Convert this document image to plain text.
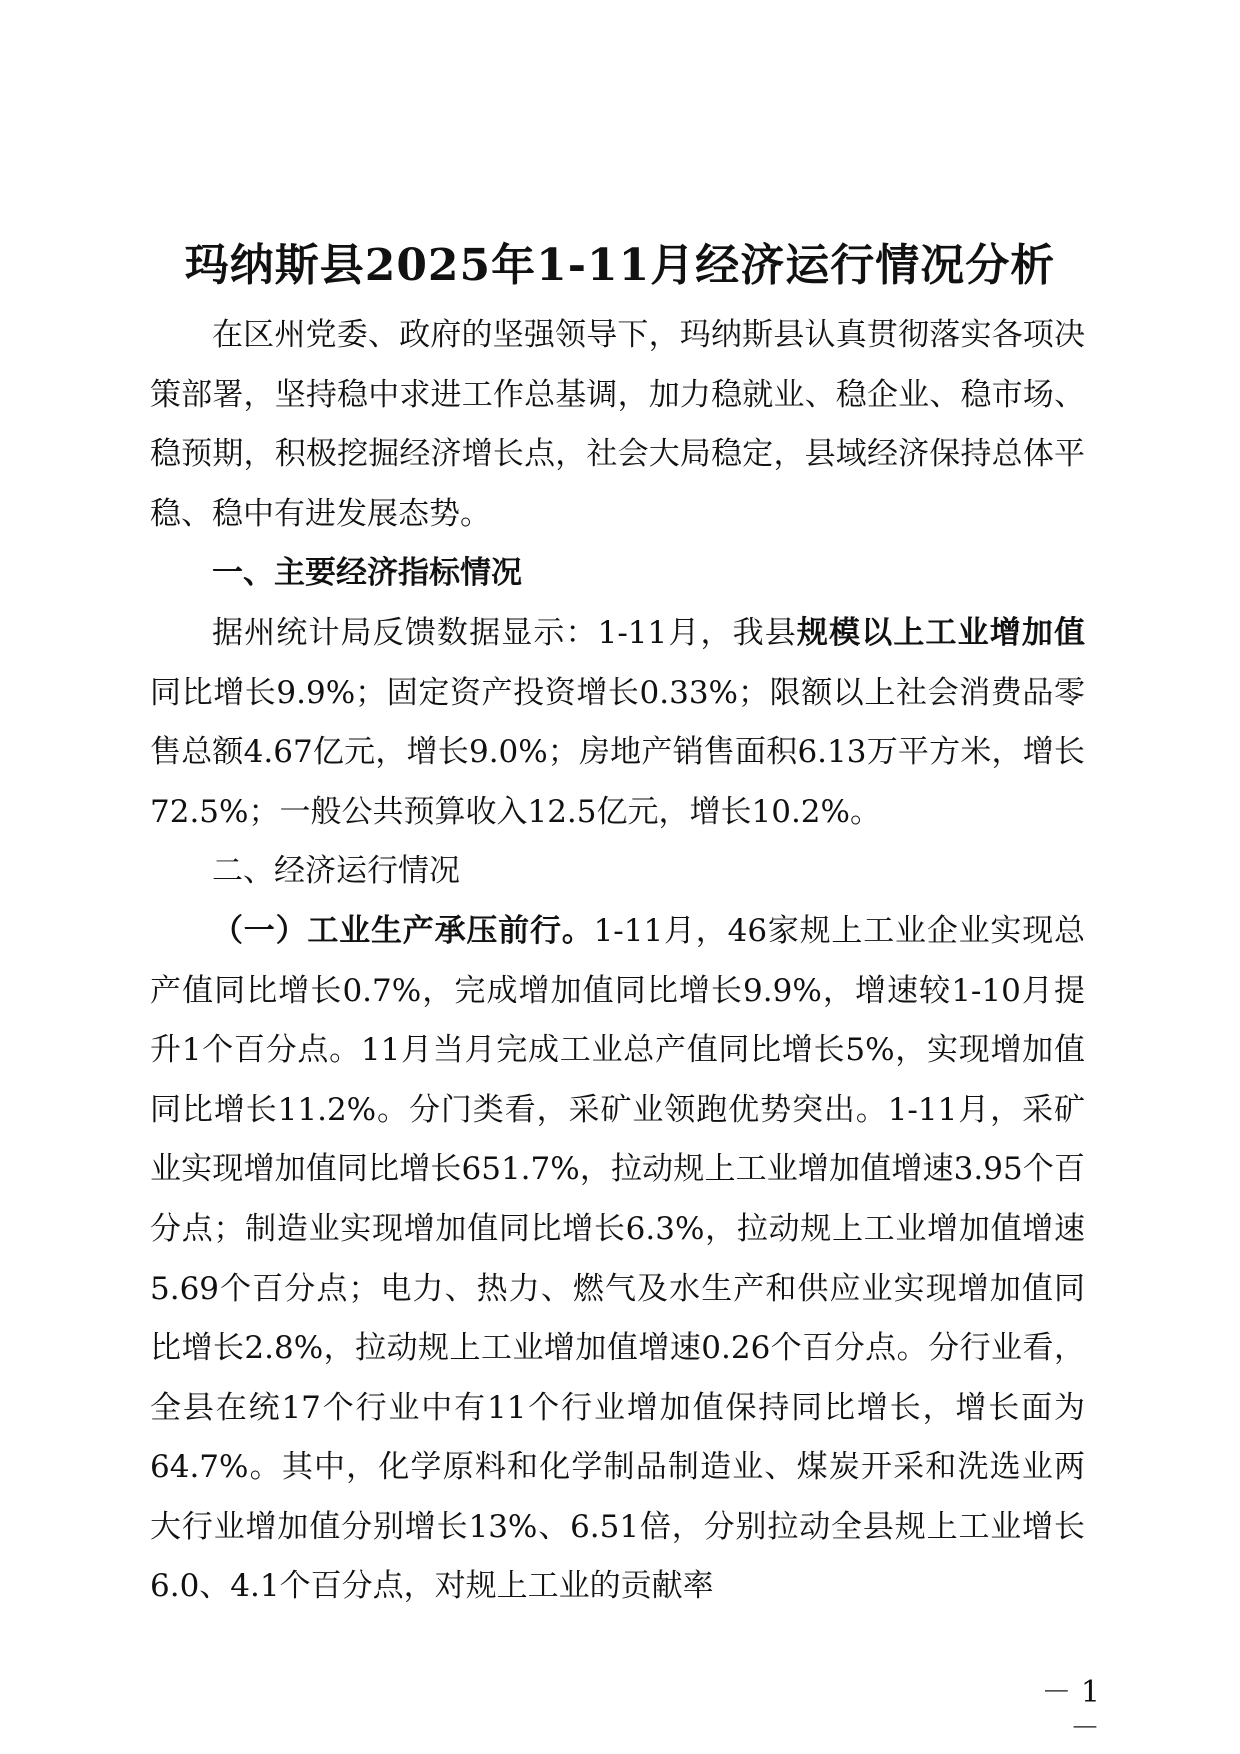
玛纳斯县2025年1-11月经济运行情况分析

在区州党委、政府的坚强领导下，玛纳斯县认真贯彻落实各项决策部署，坚持稳中求进工作总基调，加力稳就业、稳企业、稳市场、稳预期，积极挖掘经济增长点，社会大局稳定，县域经济保持总体平稳、稳中有进发展态势。

一、主要经济指标情况

据州统计局反馈数据显示：1-11月，我县规模以上工业增加值同比增长9.9%；固定资产投资增长0.33%；限额以上社会消费品零售总额4.67亿元，增长9.0%；房地产销售面积6.13万平方米，增长72.5%；一般公共预算收入12.5亿元，增长10.2%。

二、经济运行情况

（一）工业生产承压前行。1-11月，46家规上工业企业实现总产值同比增长0.7%，完成增加值同比增长9.9%，增速较1-10月提升1个百分点。11月当月完成工业总产值同比增长5%，实现增加值同比增长11.2%。分门类看，采矿业领跑优势突出。1-11月，采矿业实现增加值同比增长651.7%，拉动规上工业增加值增速3.95个百分点；制造业实现增加值同比增长6.3%，拉动规上工业增加值增速5.69个百分点；电力、热力、燃气及水生产和供应业实现增加值同比增长2.8%，拉动规上工业增加值增速0.26个百分点。分行业看，全县在统17个行业中有11个行业增加值保持同比增长，增长面为64.7%。其中，化学原料和化学制品制造业、煤炭开采和洗选业两大行业增加值分别增长13%、6.51倍，分别拉动全县规上工业增长6.0、4.1个百分点，对规上工业的贡献率

－ 1 －
